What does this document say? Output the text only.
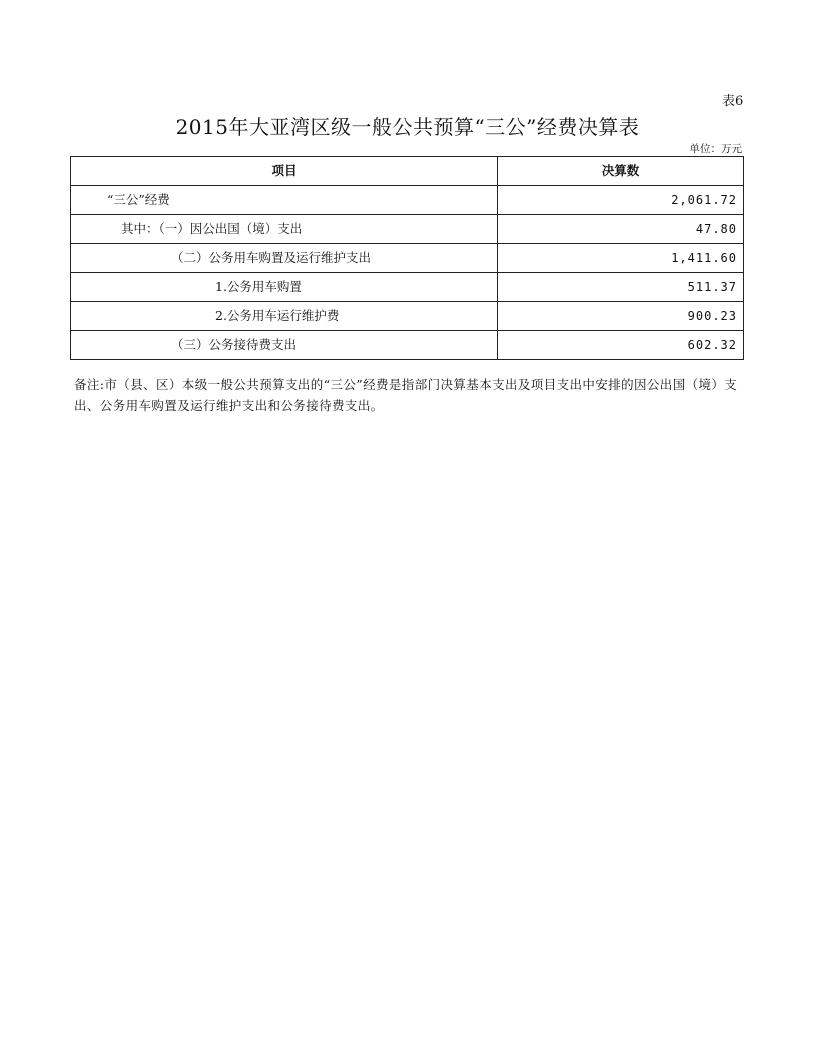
表6
2015年大亚湾区级一般公共预算“三公”经费决算表
单位：万元
项目	决算数
“三公”经费	2,061.72
其中：（一）因公出国（境）支出	47.80
（二）公务用车购置及运行维护支出	1,411.60
1.公务用车购置	511.37
2.公务用车运行维护费	900.23
（三）公务接待费支出	602.32
备注:市（县、区）本级一般公共预算支出的“三公”经费是指部门决算基本支出及项目支出中安排的因公出国（境）支出、公务用车购置及运行维护支出和公务接待费支出。
